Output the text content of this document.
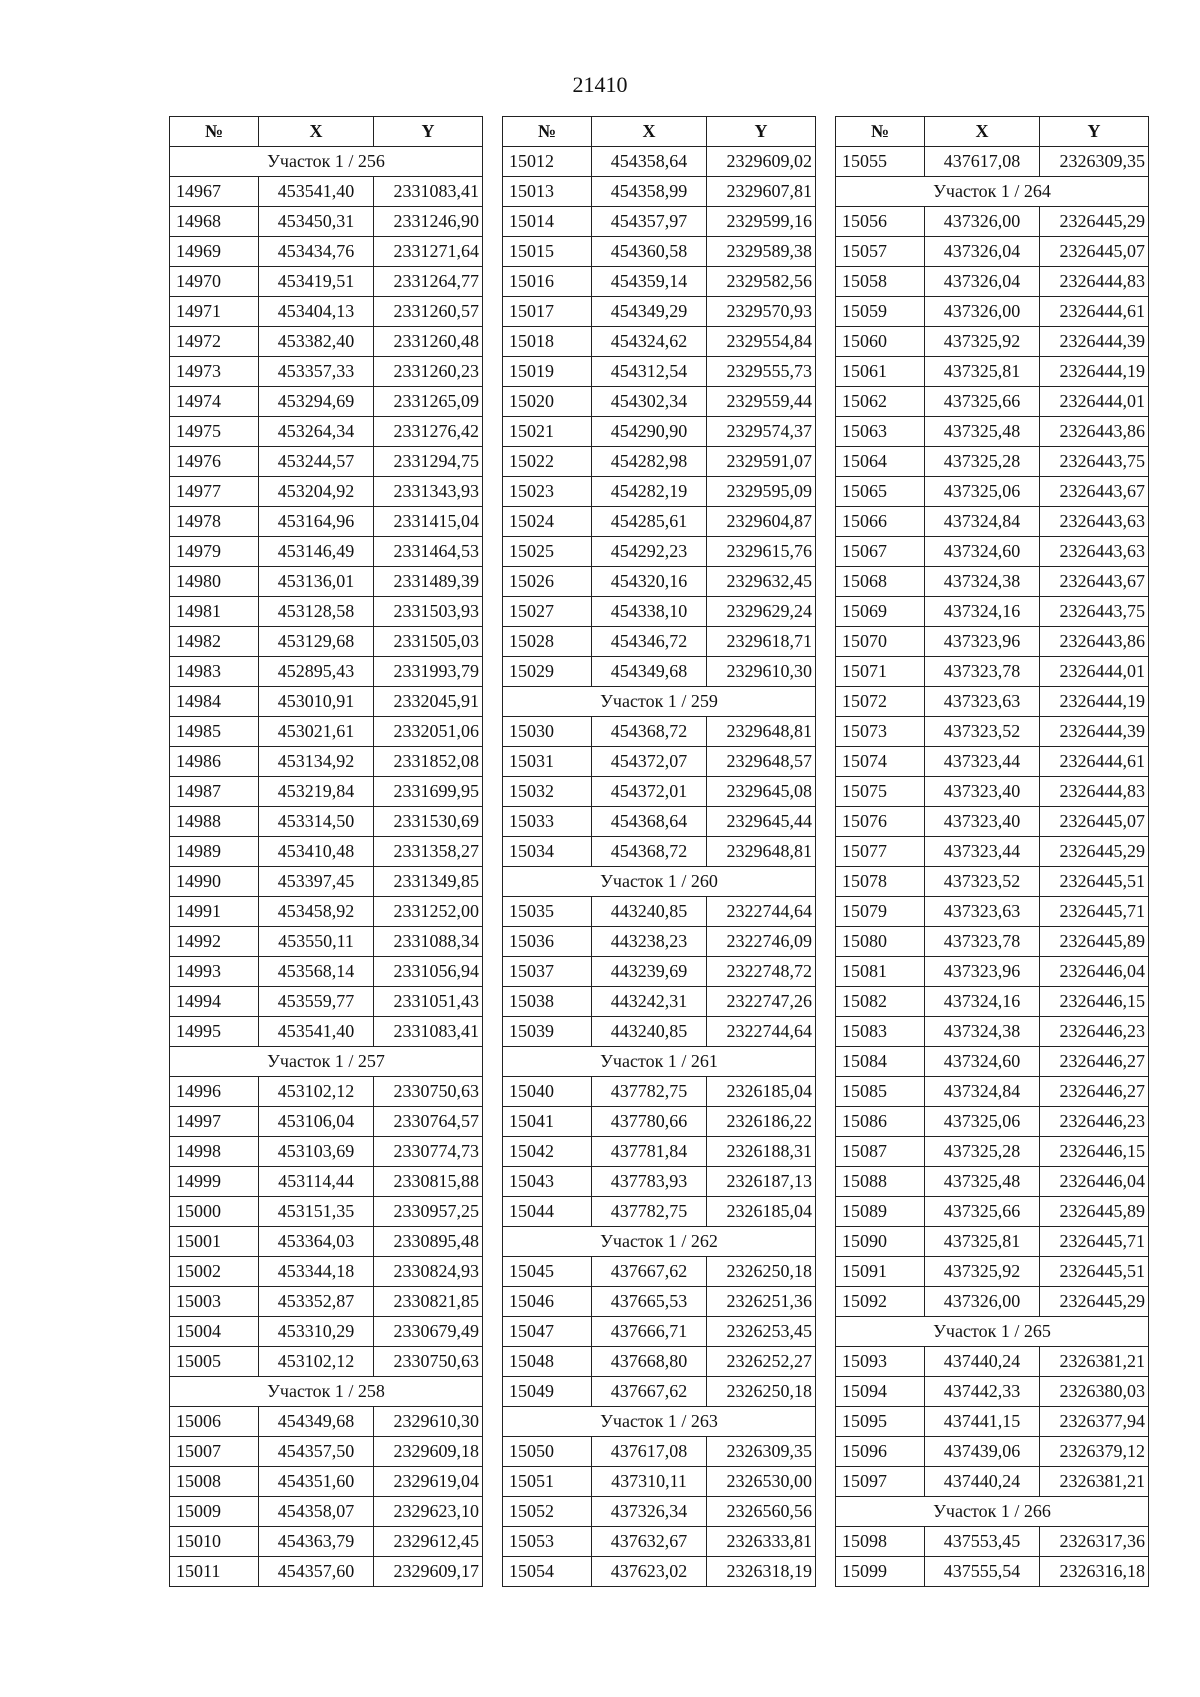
21410
№	X	Y
Участок 1 / 256		
14967	453541,40	2331083,41
14968	453450,31	2331246,90
14969	453434,76	2331271,64
14970	453419,51	2331264,77
14971	453404,13	2331260,57
14972	453382,40	2331260,48
14973	453357,33	2331260,23
14974	453294,69	2331265,09
14975	453264,34	2331276,42
14976	453244,57	2331294,75
14977	453204,92	2331343,93
14978	453164,96	2331415,04
14979	453146,49	2331464,53
14980	453136,01	2331489,39
14981	453128,58	2331503,93
14982	453129,68	2331505,03
14983	452895,43	2331993,79
14984	453010,91	2332045,91
14985	453021,61	2332051,06
14986	453134,92	2331852,08
14987	453219,84	2331699,95
14988	453314,50	2331530,69
14989	453410,48	2331358,27
14990	453397,45	2331349,85
14991	453458,92	2331252,00
14992	453550,11	2331088,34
14993	453568,14	2331056,94
14994	453559,77	2331051,43
14995	453541,40	2331083,41
Участок 1 / 257		
14996	453102,12	2330750,63
14997	453106,04	2330764,57
14998	453103,69	2330774,73
14999	453114,44	2330815,88
15000	453151,35	2330957,25
15001	453364,03	2330895,48
15002	453344,18	2330824,93
15003	453352,87	2330821,85
15004	453310,29	2330679,49
15005	453102,12	2330750,63
Участок 1 / 258		
15006	454349,68	2329610,30
15007	454357,50	2329609,18
15008	454351,60	2329619,04
15009	454358,07	2329623,10
15010	454363,79	2329612,45
15011	454357,60	2329609,17
№	X	Y
15012	454358,64	2329609,02
15013	454358,99	2329607,81
15014	454357,97	2329599,16
15015	454360,58	2329589,38
15016	454359,14	2329582,56
15017	454349,29	2329570,93
15018	454324,62	2329554,84
15019	454312,54	2329555,73
15020	454302,34	2329559,44
15021	454290,90	2329574,37
15022	454282,98	2329591,07
15023	454282,19	2329595,09
15024	454285,61	2329604,87
15025	454292,23	2329615,76
15026	454320,16	2329632,45
15027	454338,10	2329629,24
15028	454346,72	2329618,71
15029	454349,68	2329610,30
Участок 1 / 259		
15030	454368,72	2329648,81
15031	454372,07	2329648,57
15032	454372,01	2329645,08
15033	454368,64	2329645,44
15034	454368,72	2329648,81
Участок 1 / 260		
15035	443240,85	2322744,64
15036	443238,23	2322746,09
15037	443239,69	2322748,72
15038	443242,31	2322747,26
15039	443240,85	2322744,64
Участок 1 / 261		
15040	437782,75	2326185,04
15041	437780,66	2326186,22
15042	437781,84	2326188,31
15043	437783,93	2326187,13
15044	437782,75	2326185,04
Участок 1 / 262		
15045	437667,62	2326250,18
15046	437665,53	2326251,36
15047	437666,71	2326253,45
15048	437668,80	2326252,27
15049	437667,62	2326250,18
Участок 1 / 263		
15050	437617,08	2326309,35
15051	437310,11	2326530,00
15052	437326,34	2326560,56
15053	437632,67	2326333,81
15054	437623,02	2326318,19
№	X	Y
15055	437617,08	2326309,35
Участок 1 / 264		
15056	437326,00	2326445,29
15057	437326,04	2326445,07
15058	437326,04	2326444,83
15059	437326,00	2326444,61
15060	437325,92	2326444,39
15061	437325,81	2326444,19
15062	437325,66	2326444,01
15063	437325,48	2326443,86
15064	437325,28	2326443,75
15065	437325,06	2326443,67
15066	437324,84	2326443,63
15067	437324,60	2326443,63
15068	437324,38	2326443,67
15069	437324,16	2326443,75
15070	437323,96	2326443,86
15071	437323,78	2326444,01
15072	437323,63	2326444,19
15073	437323,52	2326444,39
15074	437323,44	2326444,61
15075	437323,40	2326444,83
15076	437323,40	2326445,07
15077	437323,44	2326445,29
15078	437323,52	2326445,51
15079	437323,63	2326445,71
15080	437323,78	2326445,89
15081	437323,96	2326446,04
15082	437324,16	2326446,15
15083	437324,38	2326446,23
15084	437324,60	2326446,27
15085	437324,84	2326446,27
15086	437325,06	2326446,23
15087	437325,28	2326446,15
15088	437325,48	2326446,04
15089	437325,66	2326445,89
15090	437325,81	2326445,71
15091	437325,92	2326445,51
15092	437326,00	2326445,29
Участок 1 / 265		
15093	437440,24	2326381,21
15094	437442,33	2326380,03
15095	437441,15	2326377,94
15096	437439,06	2326379,12
15097	437440,24	2326381,21
Участок 1 / 266		
15098	437553,45	2326317,36
15099	437555,54	2326316,18
